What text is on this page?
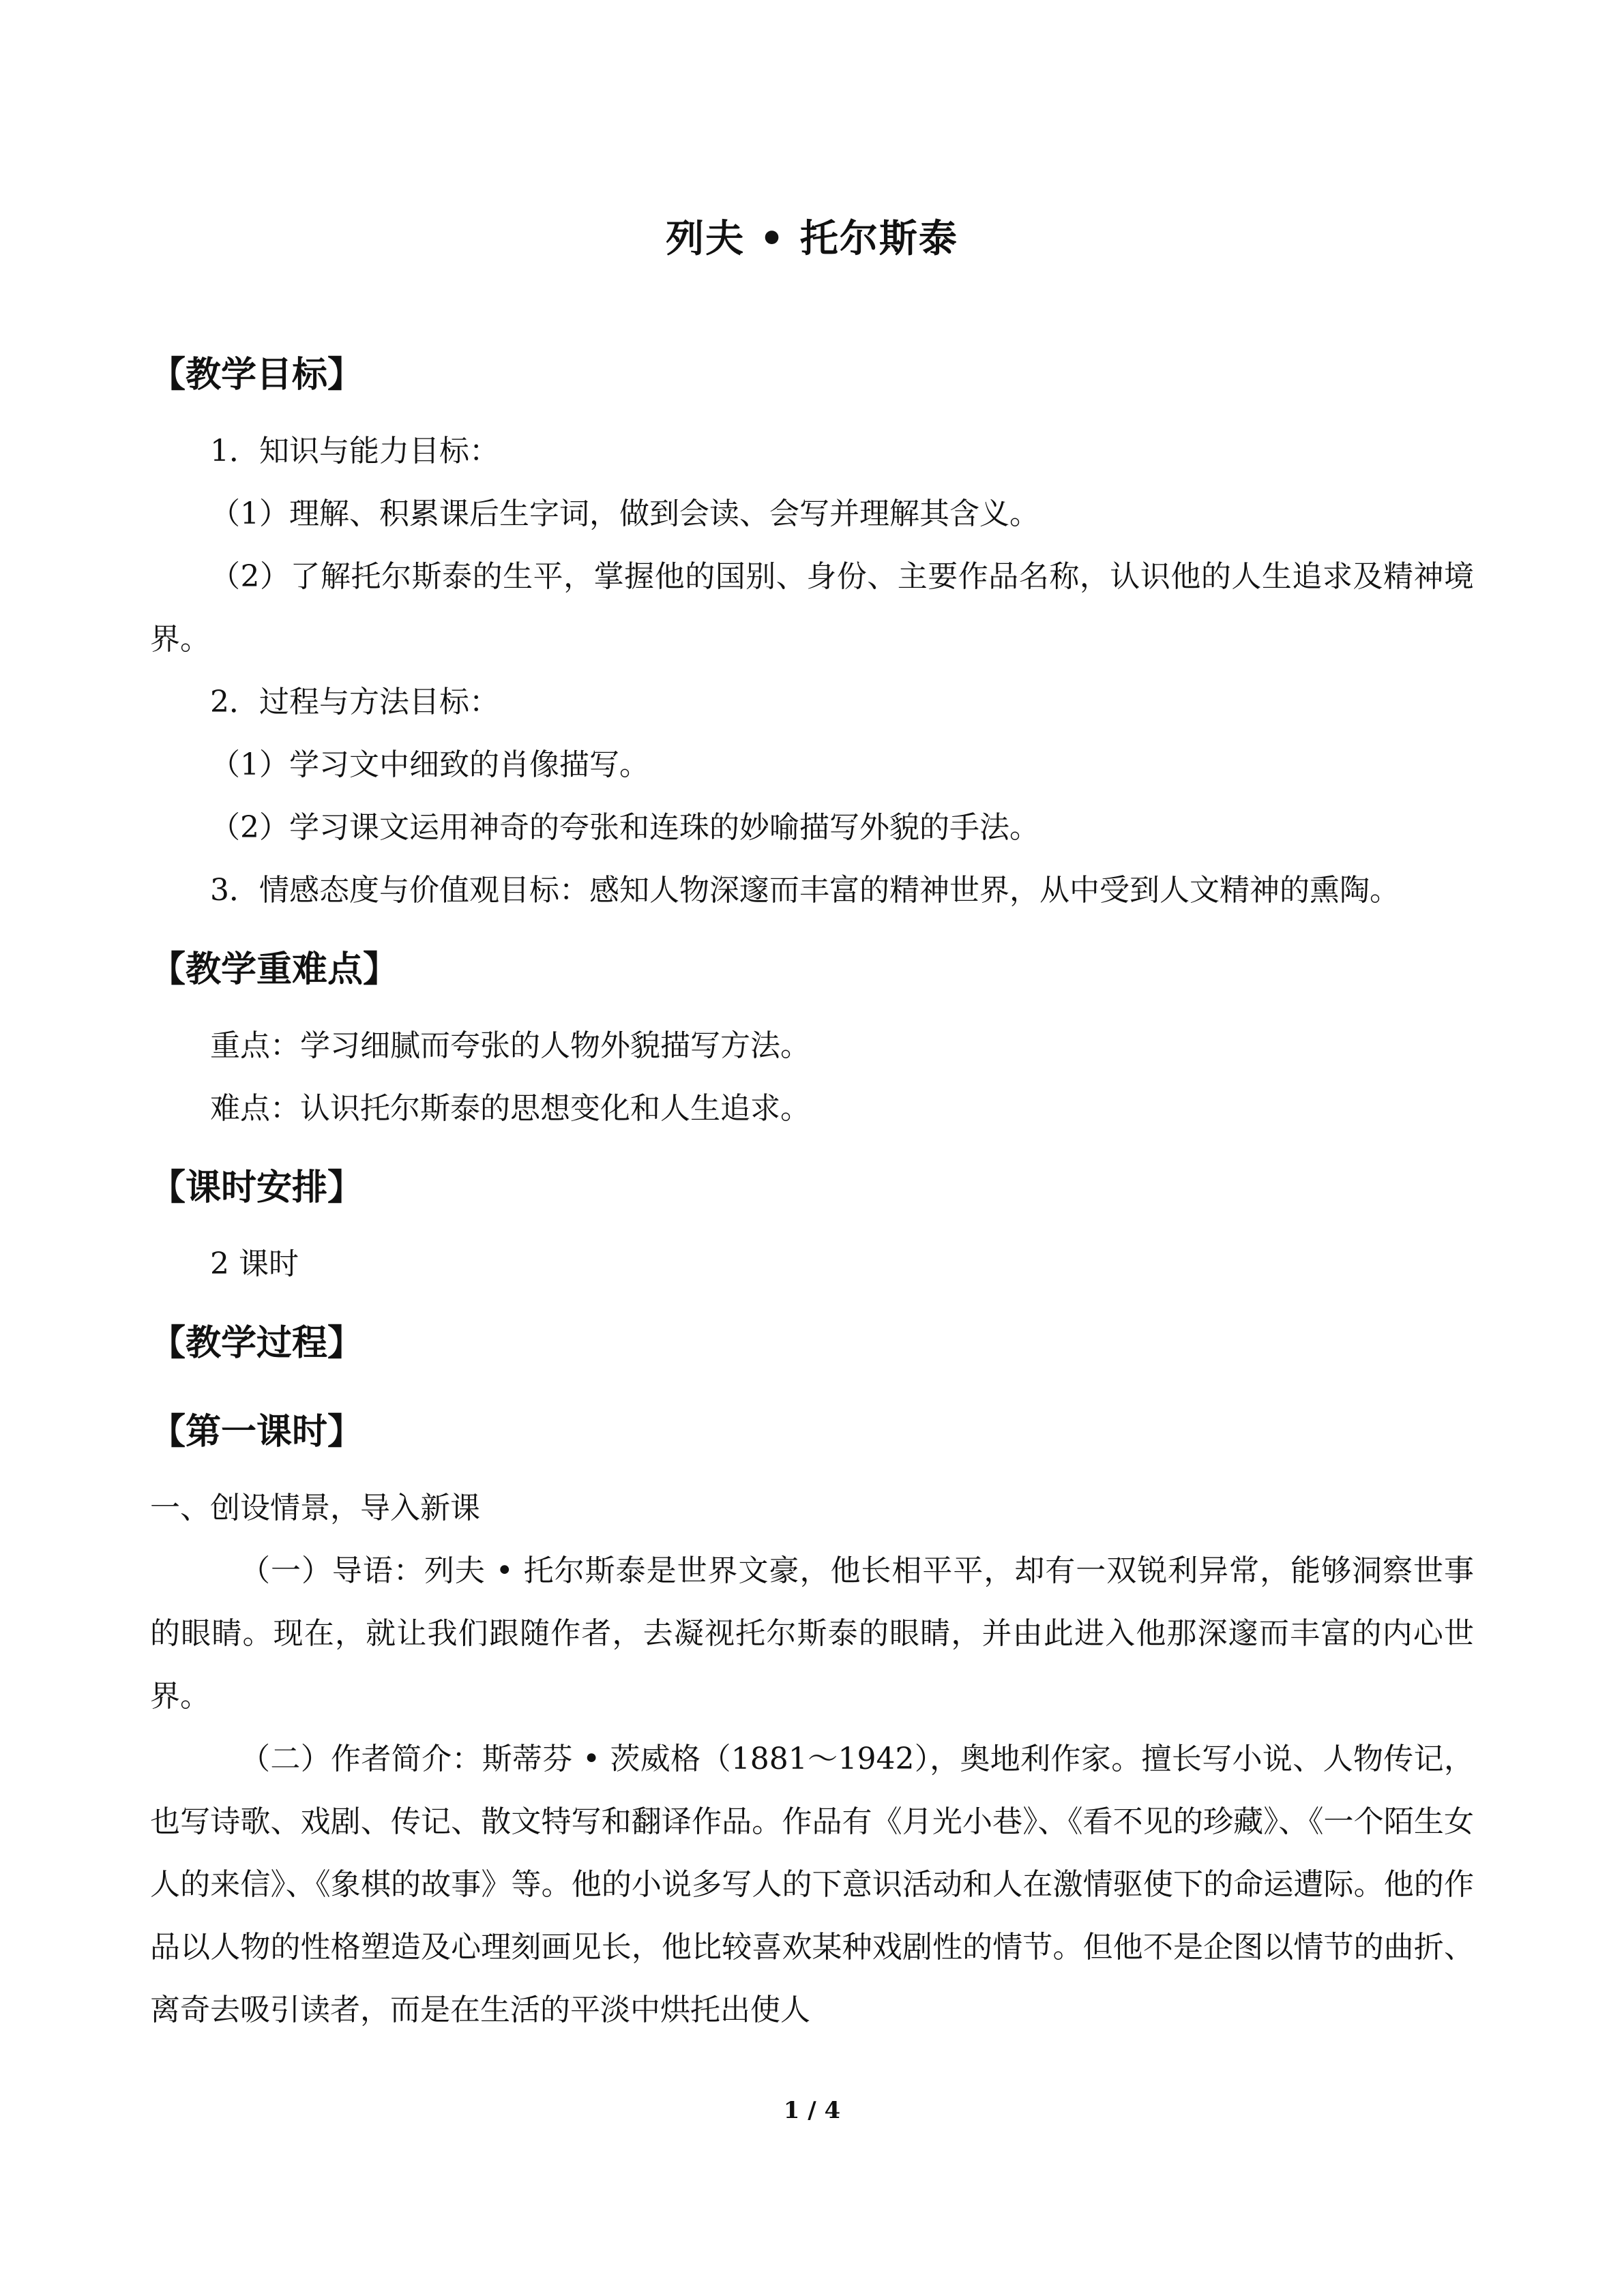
列夫 • 托尔斯泰
【教学目标】

1．知识与能力目标：

（1）理解、积累课后生字词，做到会读、会写并理解其含义。

（2）了解托尔斯泰的生平，掌握他的国别、身份、主要作品名称，认识他的人生追求及精神境界。

2．过程与方法目标：

（1）学习文中细致的肖像描写。

（2）学习课文运用神奇的夸张和连珠的妙喻描写外貌的手法。

3．情感态度与价值观目标：感知人物深邃而丰富的精神世界，从中受到人文精神的熏陶。

【教学重难点】

重点：学习细腻而夸张的人物外貌描写方法。

难点：认识托尔斯泰的思想变化和人生追求。

【课时安排】

2 课时

【教学过程】
【第一课时】

一、创设情景，导入新课

（一）导语：列夫 • 托尔斯泰是世界文豪，他长相平平，却有一双锐利异常，能够洞察世事的眼睛。现在，就让我们跟随作者，去凝视托尔斯泰的眼睛，并由此进入他那深邃而丰富的内心世界。

（二）作者简介：斯蒂芬 • 茨威格（1881～1942），奥地利作家。擅长写小说、人物传记，也写诗歌、戏剧、传记、散文特写和翻译作品。作品有《月光小巷》、《看不见的珍藏》、《一个陌生女人的来信》、《象棋的故事》等。他的小说多写人的下意识活动和人在激情驱使下的命运遭际。他的作品以人物的性格塑造及心理刻画见长，他比较喜欢某种戏剧性的情节。但他不是企图以情节的曲折、离奇去吸引读者，而是在生活的平淡中烘托出使人

1 / 4
